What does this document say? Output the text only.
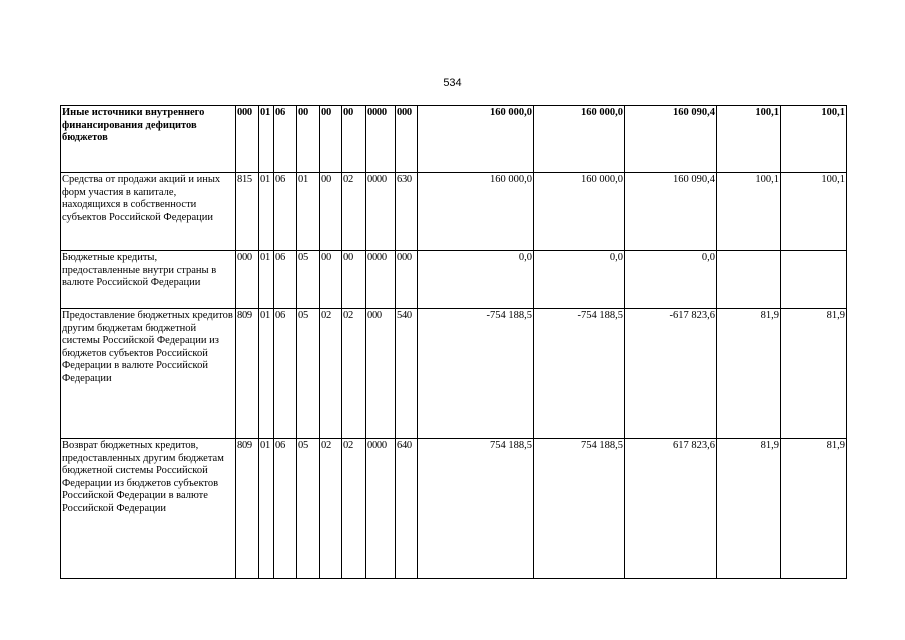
534
Иные источники внутреннего финансирования дефицитов бюджетов	000	01	06	00	00	00	0000	000	160 000,0	160 000,0	160 090,4	100,1	100,1
Средства от продажи акций и иных форм участия в капитале, находящихся в собственности субъектов Российской Федерации	815	01	06	01	00	02	0000	630	160 000,0	160 000,0	160 090,4	100,1	100,1
Бюджетные кредиты, предоставленные внутри страны в валюте Российской Федерации	000	01	06	05	00	00	0000	000	0,0	0,0	0,0		
Предоставление бюджетных кредитов другим бюджетам бюджетной системы Российской Федерации из бюджетов субъектов Российской Федерации в валюте Российской Федерации	809	01	06	05	02	02	000	540	-754 188,5	-754 188,5	-617 823,6	81,9	81,9
Возврат бюджетных кредитов, предоставленных другим бюджетам бюджетной системы Российской Федерации из бюджетов субъектов Российской Федерации в валюте Российской Федерации	809	01	06	05	02	02	0000	640	754 188,5	754 188,5	617 823,6	81,9	81,9
